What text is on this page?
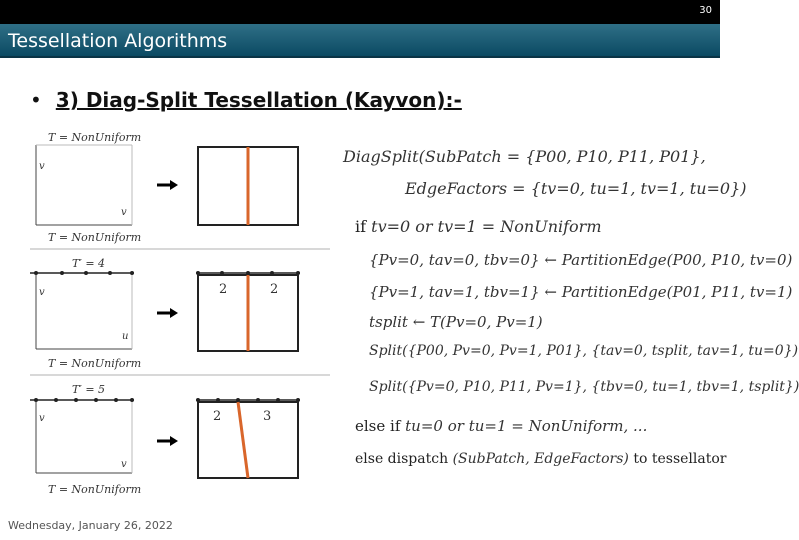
30
Tessellation Algorithms
• 3) Diag-Split Tessellation (Kayvon):-
T = NonUniform
v
v
T = NonUniform
T′ = 4
v
u
T = NonUniform
2	2
T′ = 5
v
v
T = NonUniform
2	3
DiagSplit(SubPatch = {P00, P10, P11, P01},
EdgeFactors = {tv=0, tu=1, tv=1, tu=0})
if tv=0 or tv=1 = NonUniform
{Pv=0, tav=0, tbv=0} ← PartitionEdge(P00, P10, tv=0)
{Pv=1, tav=1, tbv=1} ← PartitionEdge(P01, P11, tv=1)
tsplit ← T(Pv=0, Pv=1)
Split({P00, Pv=0, Pv=1, P01}, {tav=0, tsplit, tav=1, tu=0})
Split({Pv=0, P10, P11, Pv=1}, {tbv=0, tu=1, tbv=1, tsplit})
else if tu=0 or tu=1 = NonUniform, ...
else dispatch (SubPatch, EdgeFactors) to tessellator
Wednesday, January 26, 2022
